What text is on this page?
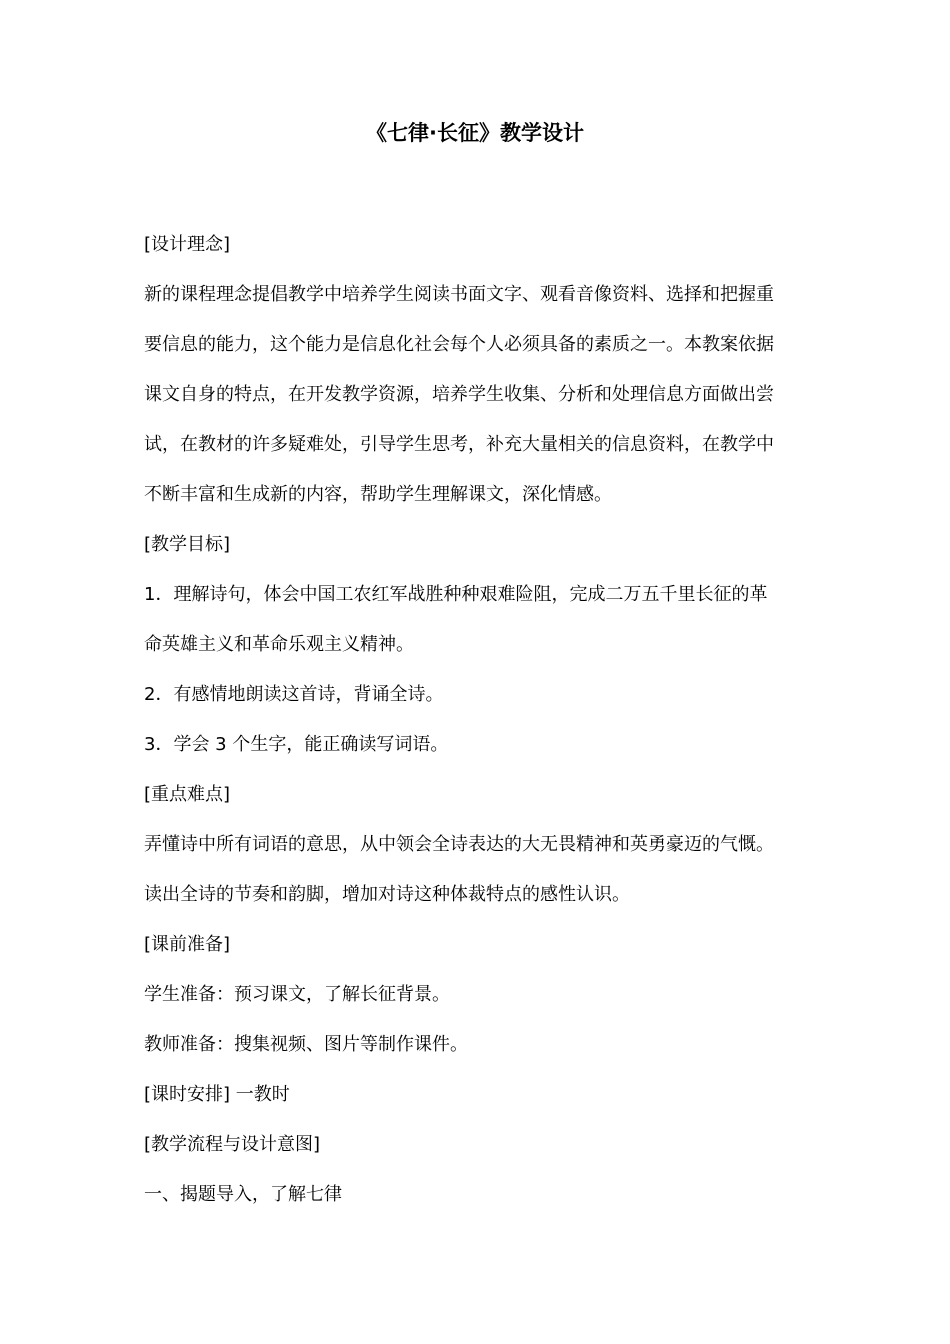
《七律·长征》教学设计
[设计理念]
新的课程理念提倡教学中培养学生阅读书面文字、观看音像资料、选择和把握重
要信息的能力，这个能力是信息化社会每个人必须具备的素质之一。本教案依据
课文自身的特点，在开发教学资源，培养学生收集、分析和处理信息方面做出尝
试，在教材的许多疑难处，引导学生思考，补充大量相关的信息资料，在教学中
不断丰富和生成新的内容，帮助学生理解课文，深化情感。
[教学目标]
1．理解诗句，体会中国工农红军战胜种种艰难险阻，完成二万五千里长征的革
命英雄主义和革命乐观主义精神。
2．有感情地朗读这首诗，背诵全诗。
3．学会 3 个生字，能正确读写词语。
[重点难点]
弄懂诗中所有词语的意思，从中领会全诗表达的大无畏精神和英勇豪迈的气慨。
读出全诗的节奏和韵脚，增加对诗这种体裁特点的感性认识。
[课前准备]
学生准备：预习课文，了解长征背景。
教师准备：搜集视频、图片等制作课件。
[课时安排] 一教时
[教学流程与设计意图]
一、揭题导入，了解七律
